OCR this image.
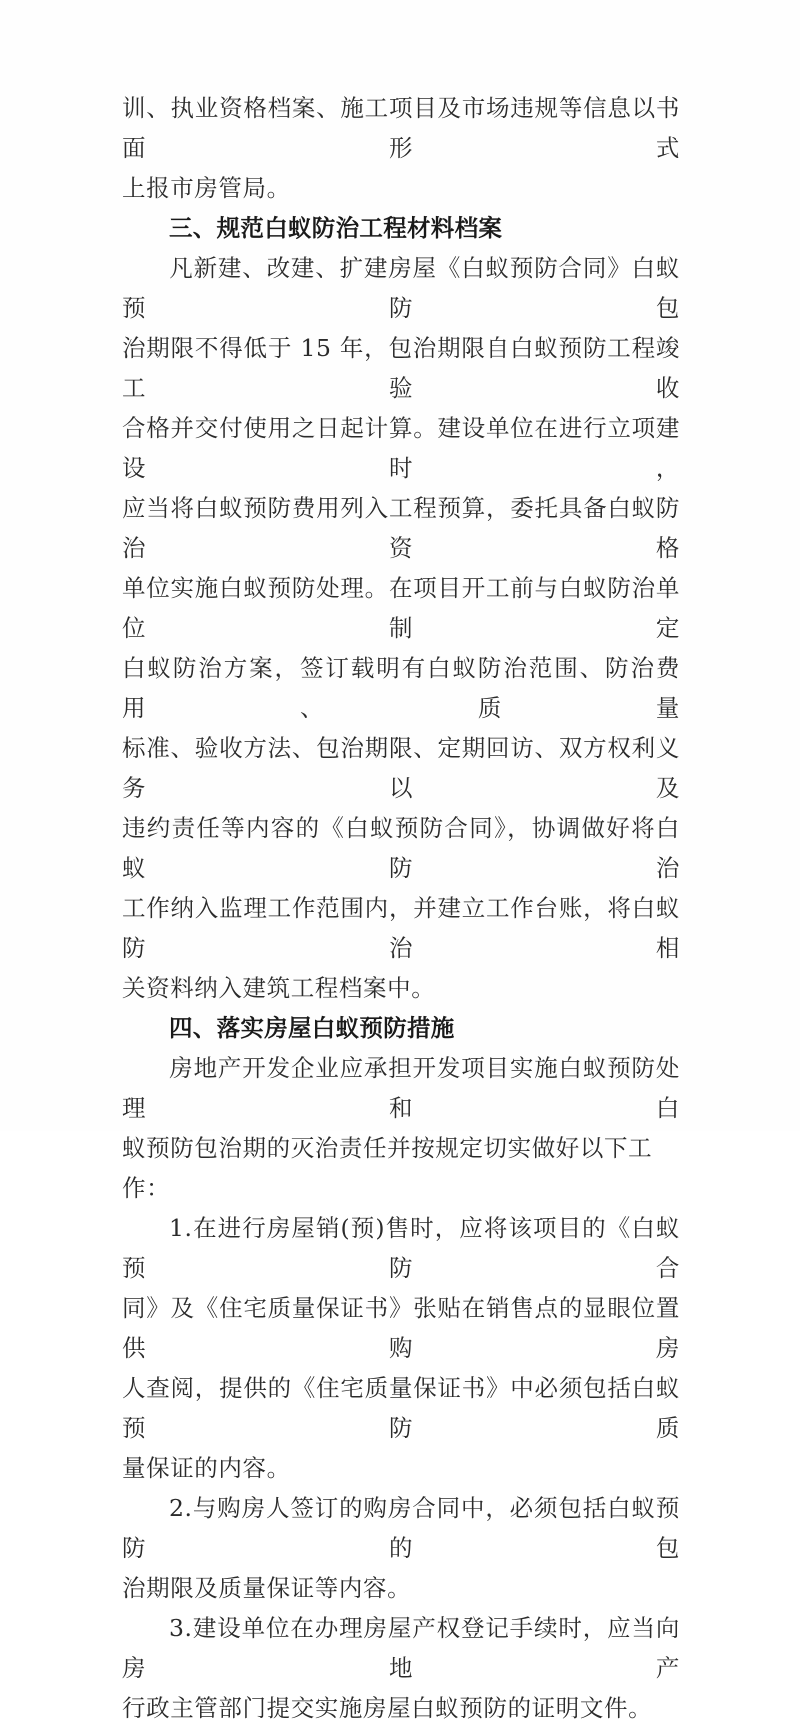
训、执业资格档案、施工项目及市场违规等信息以书面形式
上报市房管局。
三、规范白蚁防治工程材料档案
凡新建、改建、扩建房屋《白蚁预防合同》白蚁预防包
治期限不得低于 15 年，包治期限自白蚁预防工程竣工验收
合格并交付使用之日起计算。建设单位在进行立项建设时，
应当将白蚁预防费用列入工程预算，委托具备白蚁防治资格
单位实施白蚁预防处理。在项目开工前与白蚁防治单位制定
白蚁防治方案，签订载明有白蚁防治范围、防治费用、质量
标准、验收方法、包治期限、定期回访、双方权利义务以及
违约责任等内容的《白蚁预防合同》，协调做好将白蚁防治
工作纳入监理工作范围内，并建立工作台账，将白蚁防治相
关资料纳入建筑工程档案中。
四、落实房屋白蚁预防措施
房地产开发企业应承担开发项目实施白蚁预防处理和白
蚁预防包治期的灭治责任并按规定切实做好以下工作：
1.在进行房屋销(预)售时，应将该项目的《白蚁预防合
同》及《住宅质量保证书》张贴在销售点的显眼位置供购房
人查阅，提供的《住宅质量保证书》中必须包括白蚁预防质
量保证的内容。
2.与购房人签订的购房合同中，必须包括白蚁预防的包
治期限及质量保证等内容。
3.建设单位在办理房屋产权登记手续时，应当向房地产
行政主管部门提交实施房屋白蚁预防的证明文件。
